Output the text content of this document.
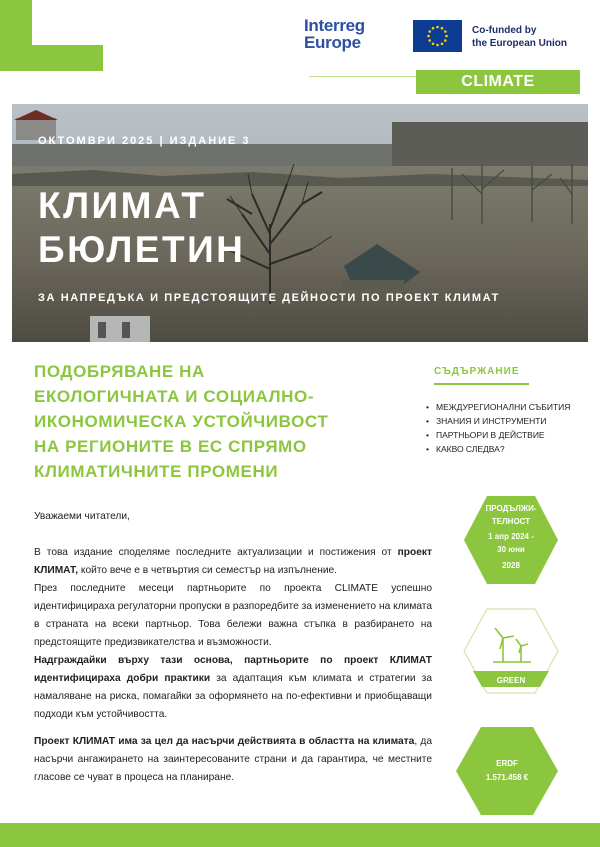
Interreg
Europe
Co-funded by
the European Union
CLIMATE
ОКТОМВРИ 2025 | ИЗДАНИЕ 3
КЛИМАТ
БЮЛЕТИН
ЗА НАПРЕДЪКА И ПРЕДСТОЯЩИТЕ ДЕЙНОСТИ ПО ПРОЕКТ КЛИМАТ
ПОДОБРЯВАНЕ НА
ЕКОЛОГИЧНАТА И СОЦИАЛНО-
ИКОНОМИЧЕСКА УСТОЙЧИВОСТ
НА РЕГИОНИТЕ В ЕС СПРЯМО
КЛИМАТИЧНИТЕ ПРОМЕНИ
СЪДЪРЖАНИЕ
• МЕЖДУРЕГИОНАЛНИ СЪБИТИЯ
• ЗНАНИЯ И ИНСТРУМЕНТИ
• ПАРТНЬОРИ В ДЕЙСТВИЕ
• КАКВО СЛЕДВА?
ПРОДЪЛЖИ-
ТЕЛНОСТ
1 апр 2024 -
30 юни
2028
GREEN
ERDF
1.571.458 €

Уважаеми читатели,

В това издание споделяме последните актуализации и постижения от проект КЛИМАТ, който вече е в четвъртия си семестър на изпълнение.

През последните месеци партньорите по проекта CLIMATE успешно идентифицираха регулаторни пропуски в разпоредбите за изменението на климата в страната на всеки партньор. Това бележи важна стъпка в разбирането на предстоящите предизвикателства и възможности.

Надграждайки върху тази основа, партньорите по проект КЛИМАТ идентифицираха добри практики за адаптация към климата и стратегии за намаляване на риска, помагайки за оформянето на по-ефективни и приобщаващи подходи към устойчивостта.

Проект КЛИМАТ има за цел да насърчи действията в областта на климата, да насърчи ангажирането на заинтересованите страни и да гарантира, че местните гласове се чуват в процеса на планиране.
